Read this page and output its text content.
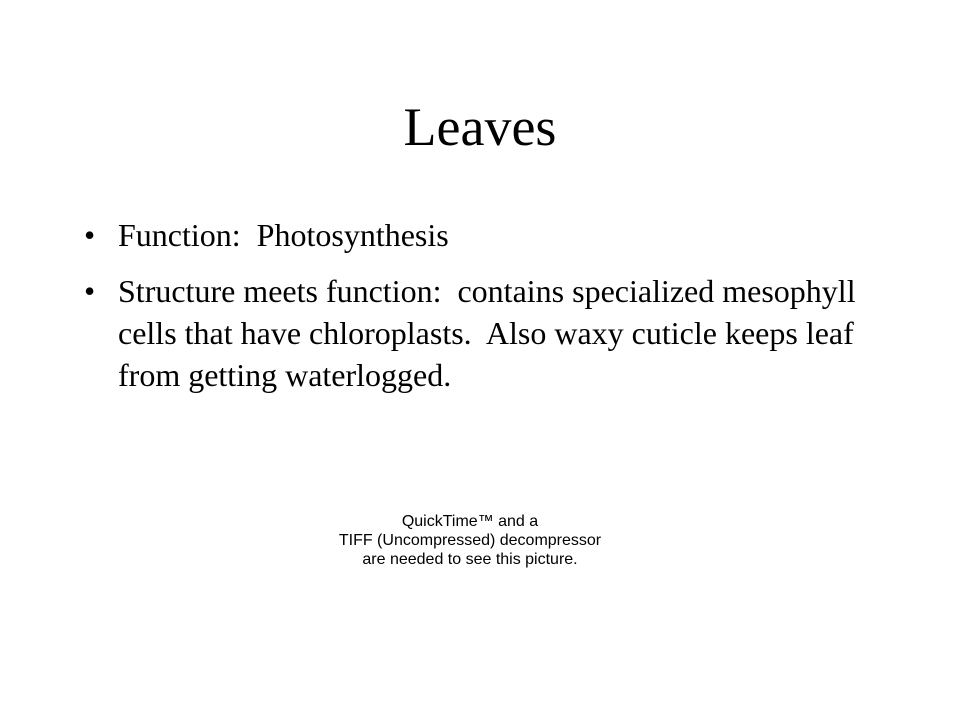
Leaves
• Function:  Photosynthesis
• Structure meets function:  contains specialized mesophyll cells that have chloroplasts.  Also waxy cuticle keeps leaf from getting waterlogged.
QuickTime™ and a
TIFF (Uncompressed) decompressor
are needed to see this picture.
